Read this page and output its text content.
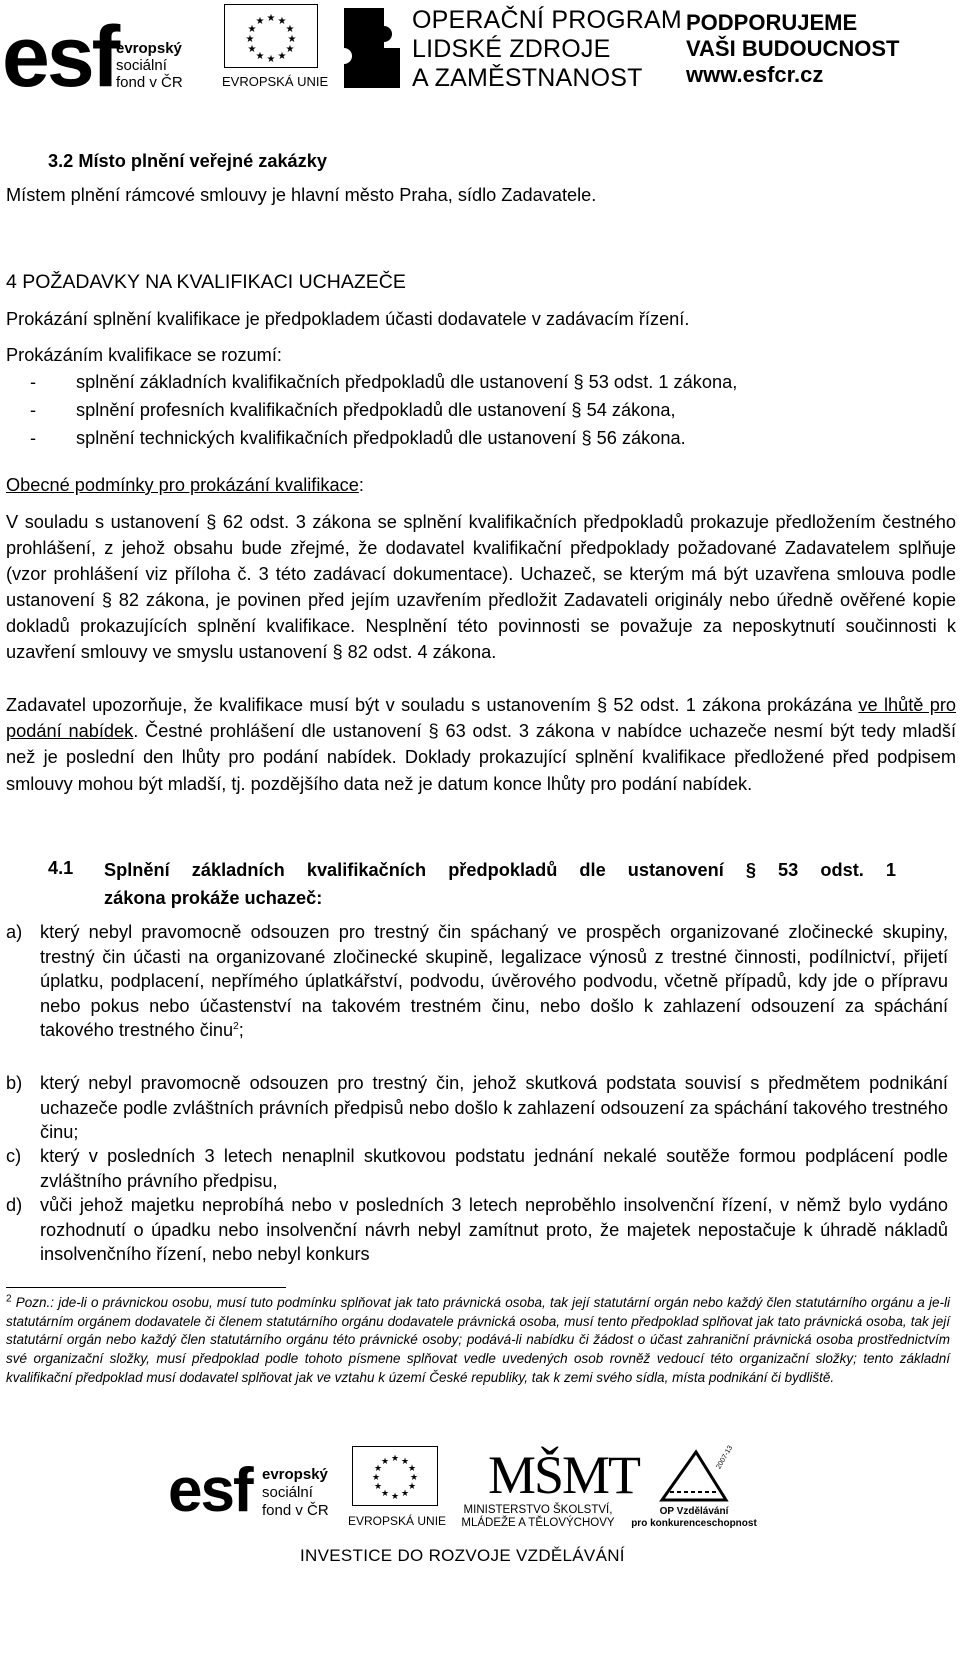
esf
evropský
sociální
fond v ČR
★ ★
★
★
★
★
★
★
★
★
★
★
EVROPSKÁ UNIE
OPERAČNÍ PROGRAM
LIDSKÉ ZDROJE
A ZAMĚSTNANOST
PODPORUJEME
VAŠI BUDOUCNOST
www.esfcr.cz
3.2 Místo plnění veřejné zakázky
Místem plnění rámcové smlouvy je hlavní město Praha, sídlo Zadavatele.
4 POŽADAVKY NA KVALIFIKACI UCHAZEČE
Prokázání splnění kvalifikace je předpokladem účasti dodavatele v zadávacím řízení.
Prokázáním kvalifikace se rozumí:
- splnění základních kvalifikačních předpokladů dle ustanovení § 53 odst. 1 zákona,
- splnění profesních kvalifikačních předpokladů dle ustanovení § 54 zákona,
- splnění technických kvalifikačních předpokladů dle ustanovení § 56 zákona.
Obecné podmínky pro prokázání kvalifikace:
V souladu s ustanovení § 62 odst. 3 zákona se splnění kvalifikačních předpokladů prokazuje předložením čestného prohlášení, z jehož obsahu bude zřejmé, že dodavatel kvalifikační předpoklady požadované Zadavatelem splňuje (vzor prohlášení viz příloha č. 3 této zadávací dokumentace). Uchazeč, se kterým má být uzavřena smlouva podle ustanovení § 82 zákona, je povinen před jejím uzavřením předložit Zadavateli originály nebo úředně ověřené kopie dokladů prokazujících splnění kvalifikace. Nesplnění této povinnosti se považuje za neposkytnutí součinnosti k uzavření smlouvy ve smyslu ustanovení § 82 odst. 4 zákona.
Zadavatel upozorňuje, že kvalifikace musí být v souladu s ustanovením § 52 odst. 1 zákona prokázána ve lhůtě pro podání nabídek. Čestné prohlášení dle ustanovení § 63 odst. 3 zákona v nabídce uchazeče nesmí být tedy mladší než je poslední den lhůty pro podání nabídek. Doklady prokazující splnění kvalifikace předložené před podpisem smlouvy mohou být mladší, tj. pozdějšího data než je datum konce lhůty pro podání nabídek.
4.1	Splnění základních kvalifikačních předpokladů dle ustanovení § 53 odst. 1
zákona prokáže uchazeč:
a) který nebyl pravomocně odsouzen pro trestný čin spáchaný ve prospěch organizované zločinecké skupiny, trestný čin účasti na organizované zločinecké skupině, legalizace výnosů z trestné činnosti, podílnictví, přijetí úplatku, podplacení, nepřímého úplatkářství, podvodu, úvěrového podvodu, včetně případů, kdy jde o přípravu nebo pokus nebo účastenství na takovém trestném činu, nebo došlo k zahlazení odsouzení za spáchání takového trestného činu$^2$;
b) který nebyl pravomocně odsouzen pro trestný čin, jehož skutková podstata souvisí s předmětem podnikání uchazeče podle zvláštních právních předpisů nebo došlo k zahlazení odsouzení za spáchání takového trestného činu;
c) který v posledních 3 letech nenaplnil skutkovou podstatu jednání nekalé soutěže formou podplácení podle zvláštního právního předpisu,
d) vůči jehož majetku neprobíhá nebo v posledních 3 letech neproběhlo insolvenční řízení, v němž bylo vydáno rozhodnutí o úpadku nebo insolvenční návrh nebyl zamítnut proto, že majetek nepostačuje k úhradě nákladů insolvenčního řízení, nebo nebyl konkurs
$^2$ Pozn.: jde-li o právnickou osobu, musí tuto podmínku splňovat jak tato právnická osoba, tak její statutární orgán nebo každý člen statutárního orgánu a je-li statutárním orgánem dodavatele či členem statutárního orgánu dodavatele právnická osoba, musí tento předpoklad splňovat jak tato právnická osoba, tak její statutární orgán nebo každý člen statutárního orgánu této právnické osoby; podává-li nabídku či žádost o účast zahraniční právnická osoba prostřednictvím své organizační složky, musí předpoklad podle tohoto písmene splňovat vedle uvedených osob rovněž vedoucí této organizační složky; tento základní kvalifikační předpoklad musí dodavatel splňovat jak ve vztahu k území České republiky, tak k zemi svého sídla, místa podnikání či bydliště.
esf evropský
sociální
fond v ČR
★ ★
★
★
★
★
★
★
★
★
★
★
EVROPSKÁ UNIE
MŠMT
MINISTERSTVO ŠKOLSTVÍ,
MLÁDEŽE A TĚLOVÝCHOVY
2007-13
OP Vzdělávání
pro konkurenceschopnost
INVESTICE DO ROZVOJE VZDĚLÁVÁNÍ
